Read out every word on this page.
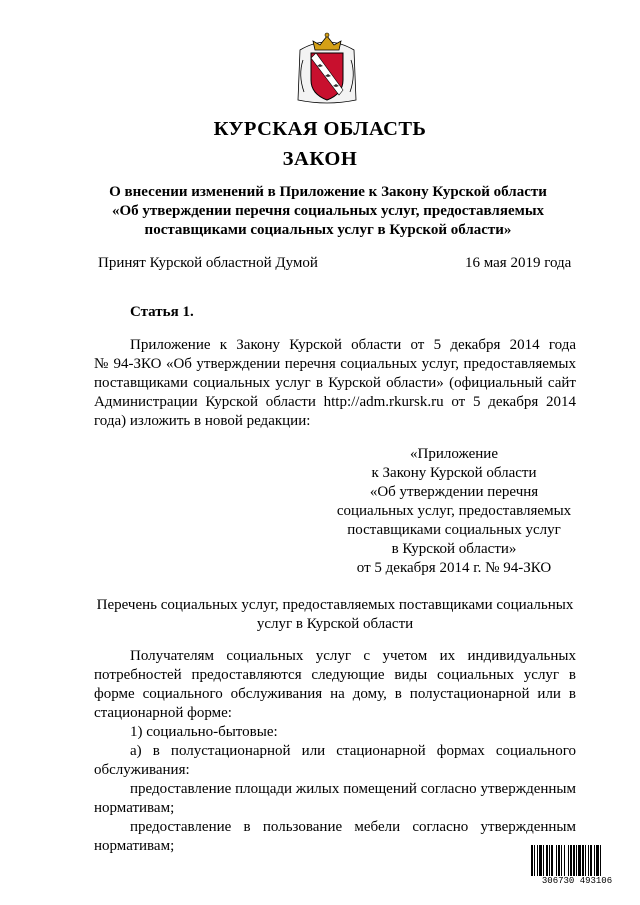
КУРСКАЯ ОБЛАСТЬ
ЗАКОН
О внесении изменений в Приложение к Закону Курской области
«Об утверждении перечня социальных услуг, предоставляемых
поставщиками социальных услуг в Курской области»
Принят Курской областной Думой	16 мая 2019 года
Статья 1.
Приложение к Закону Курской области от 5 декабря 2014 года
№ 94-ЗКО «Об утверждении перечня социальных услуг, предоставляемых
поставщиками социальных услуг в Курской области» (официальный сайт
Администрации Курской области http://adm.rkursk.ru от 5 декабря 2014
года) изложить в новой редакции:
«Приложение
к Закону Курской области
«Об утверждении перечня
социальных услуг, предоставляемых
поставщиками социальных услуг
в Курской области»
от 5 декабря 2014 г. № 94-ЗКО
Перечень социальных услуг, предоставляемых поставщиками социальных
услуг в Курской области
Получателям социальных услуг с учетом их индивидуальных
потребностей предоставляются следующие виды социальных услуг в
форме социального обслуживания на дому, в полустационарной или в
стационарной форме:
1) социально-бытовые:
а) в полустационарной или стационарной формах социального
обслуживания:
предоставление площади жилых помещений согласно утвержденным
нормативам;
предоставление в пользование мебели согласно утвержденным
нормативам;
306730 493106
